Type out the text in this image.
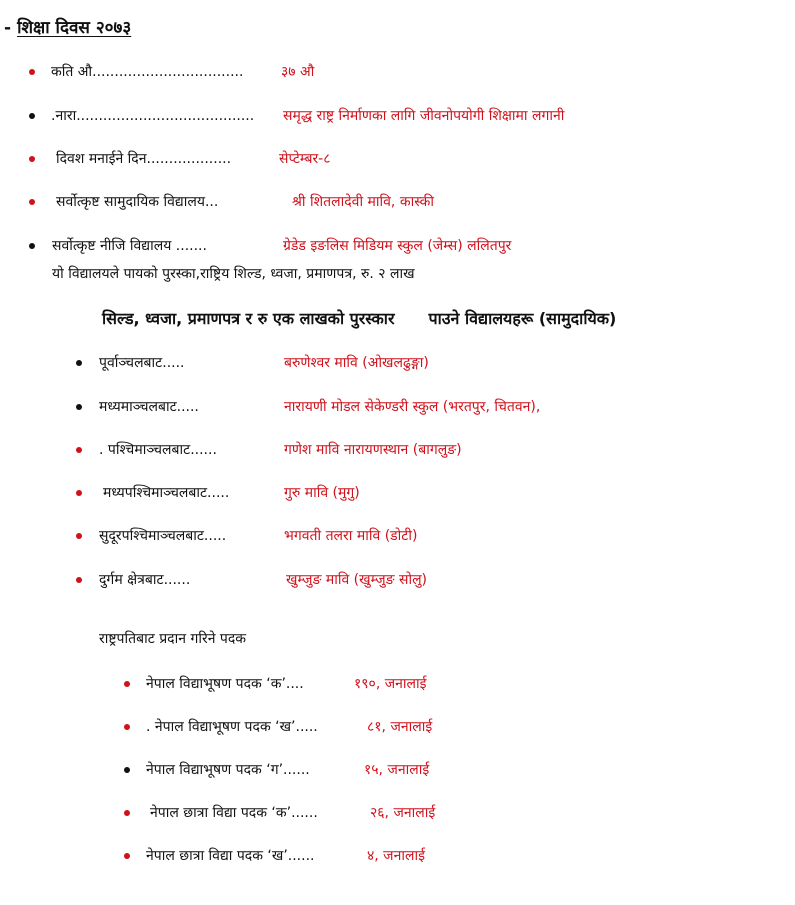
- शिक्षा दिवस २०७३
कति औ..................................	३७ औ
.नारा........................................ समृद्ध राष्ट्र निर्माणका लागि जीवनोपयोगी शिक्षामा लगानी
दिवश मनाईने दिन...................	सेप्टेम्बर-८
सर्वोत्कृष्ट सामुदायिक विद्यालय...	श्री शितलादेवी मावि, कास्की
सर्वोत्कृष्ट नीजि विद्यालय .......	ग्रेडेड इङलिस मिडियम स्कुल (जेम्स) ललितपुर
यो विद्यालयले पायको पुरस्का,राष्ट्रिय शिल्ड, ध्वजा, प्रमाणपत्र, रु. २ लाख
सिल्ड, ध्वजा, प्रमाणपत्र र रु एक लाखको पुरस्कार पाउने विद्यालयहरू (सामुदायिक)
पूर्वाञ्चलबाट.....	बरुणेश्वर मावि (ओखलढुङ्गा)
मध्यमाञ्चलबाट.....	नारायणी मोडल सेकेण्डरी स्कुल (भरतपुर, चितवन),
. पश्चिमाञ्चलबाट......	गणेश मावि नारायणस्थान (बागलुङ)
मध्यपश्चिमाञ्चलबाट.....	गुरु मावि (मुगु)
सुदूरपश्चिमाञ्चलबाट.....	भगवती तलरा मावि (डोटी)
दुर्गम क्षेत्रबाट......	खुम्जुङ मावि (खुम्जुङ सोलु)
राष्ट्रपतिबाट प्रदान गरिने पदक
नेपाल विद्याभूषण पदक ‘क’....	१९०, जनालाई
. नेपाल विद्याभूषण पदक ‘ख’.....	८१, जनालाई
नेपाल विद्याभूषण पदक ‘ग’......	१५, जनालाई
नेपाल छात्रा विद्या पदक ‘क’......	२६, जनालाई
नेपाल छात्रा विद्या पदक ‘ख’......	४, जनालाई
